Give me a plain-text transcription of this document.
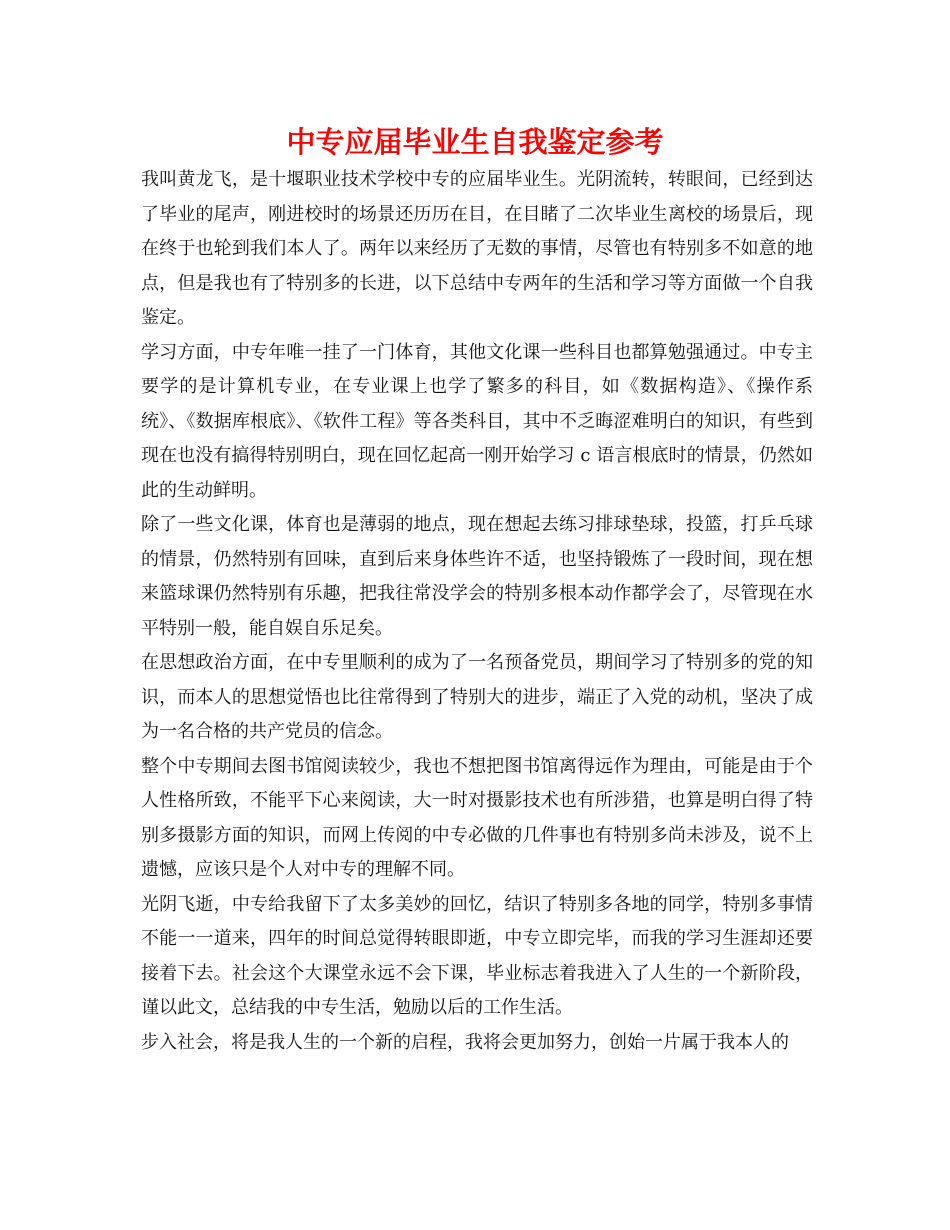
中专应届毕业生自我鉴定参考

我叫黄龙飞，是十堰职业技术学校中专的应届毕业生。光阴流转，转眼间，已经到达了毕业的尾声，刚进校时的场景还历历在目，在目睹了二次毕业生离校的场景后，现在终于也轮到我们本人了。两年以来经历了无数的事情，尽管也有特别多不如意的地点，但是我也有了特别多的长进，以下总结中专两年的生活和学习等方面做一个自我鉴定。

学习方面，中专年唯一挂了一门体育，其他文化课一些科目也都算勉强通过。中专主要学的是计算机专业，在专业课上也学了繁多的科目，如《数据构造》、《操作系统》、《数据库根底》、《软件工程》等各类科目，其中不乏晦涩难明白的知识，有些到现在也没有搞得特别明白，现在回忆起高一刚开始学习 c 语言根底时的情景，仍然如此的生动鲜明。

除了一些文化课，体育也是薄弱的地点，现在想起去练习排球垫球，投篮，打乒乓球的情景，仍然特别有回味，直到后来身体些许不适，也坚持锻炼了一段时间，现在想来篮球课仍然特别有乐趣，把我往常没学会的特别多根本动作都学会了，尽管现在水平特别一般，能自娱自乐足矣。

在思想政治方面，在中专里顺利的成为了一名预备党员，期间学习了特别多的党的知识，而本人的思想觉悟也比往常得到了特别大的进步，端正了入党的动机，坚决了成为一名合格的共产党员的信念。

整个中专期间去图书馆阅读较少，我也不想把图书馆离得远作为理由，可能是由于个人性格所致，不能平下心来阅读，大一时对摄影技术也有所涉猎，也算是明白得了特别多摄影方面的知识，而网上传阅的中专必做的几件事也有特别多尚未涉及，说不上遗憾，应该只是个人对中专的理解不同。

光阴飞逝，中专给我留下了太多美妙的回忆，结识了特别多各地的同学，特别多事情不能一一道来，四年的时间总觉得转眼即逝，中专立即完毕，而我的学习生涯却还要接着下去。社会这个大课堂永远不会下课，毕业标志着我进入了人生的一个新阶段，谨以此文，总结我的中专生活，勉励以后的工作生活。

步入社会，将是我人生的一个新的启程，我将会更加努力，创始一片属于我本人的
